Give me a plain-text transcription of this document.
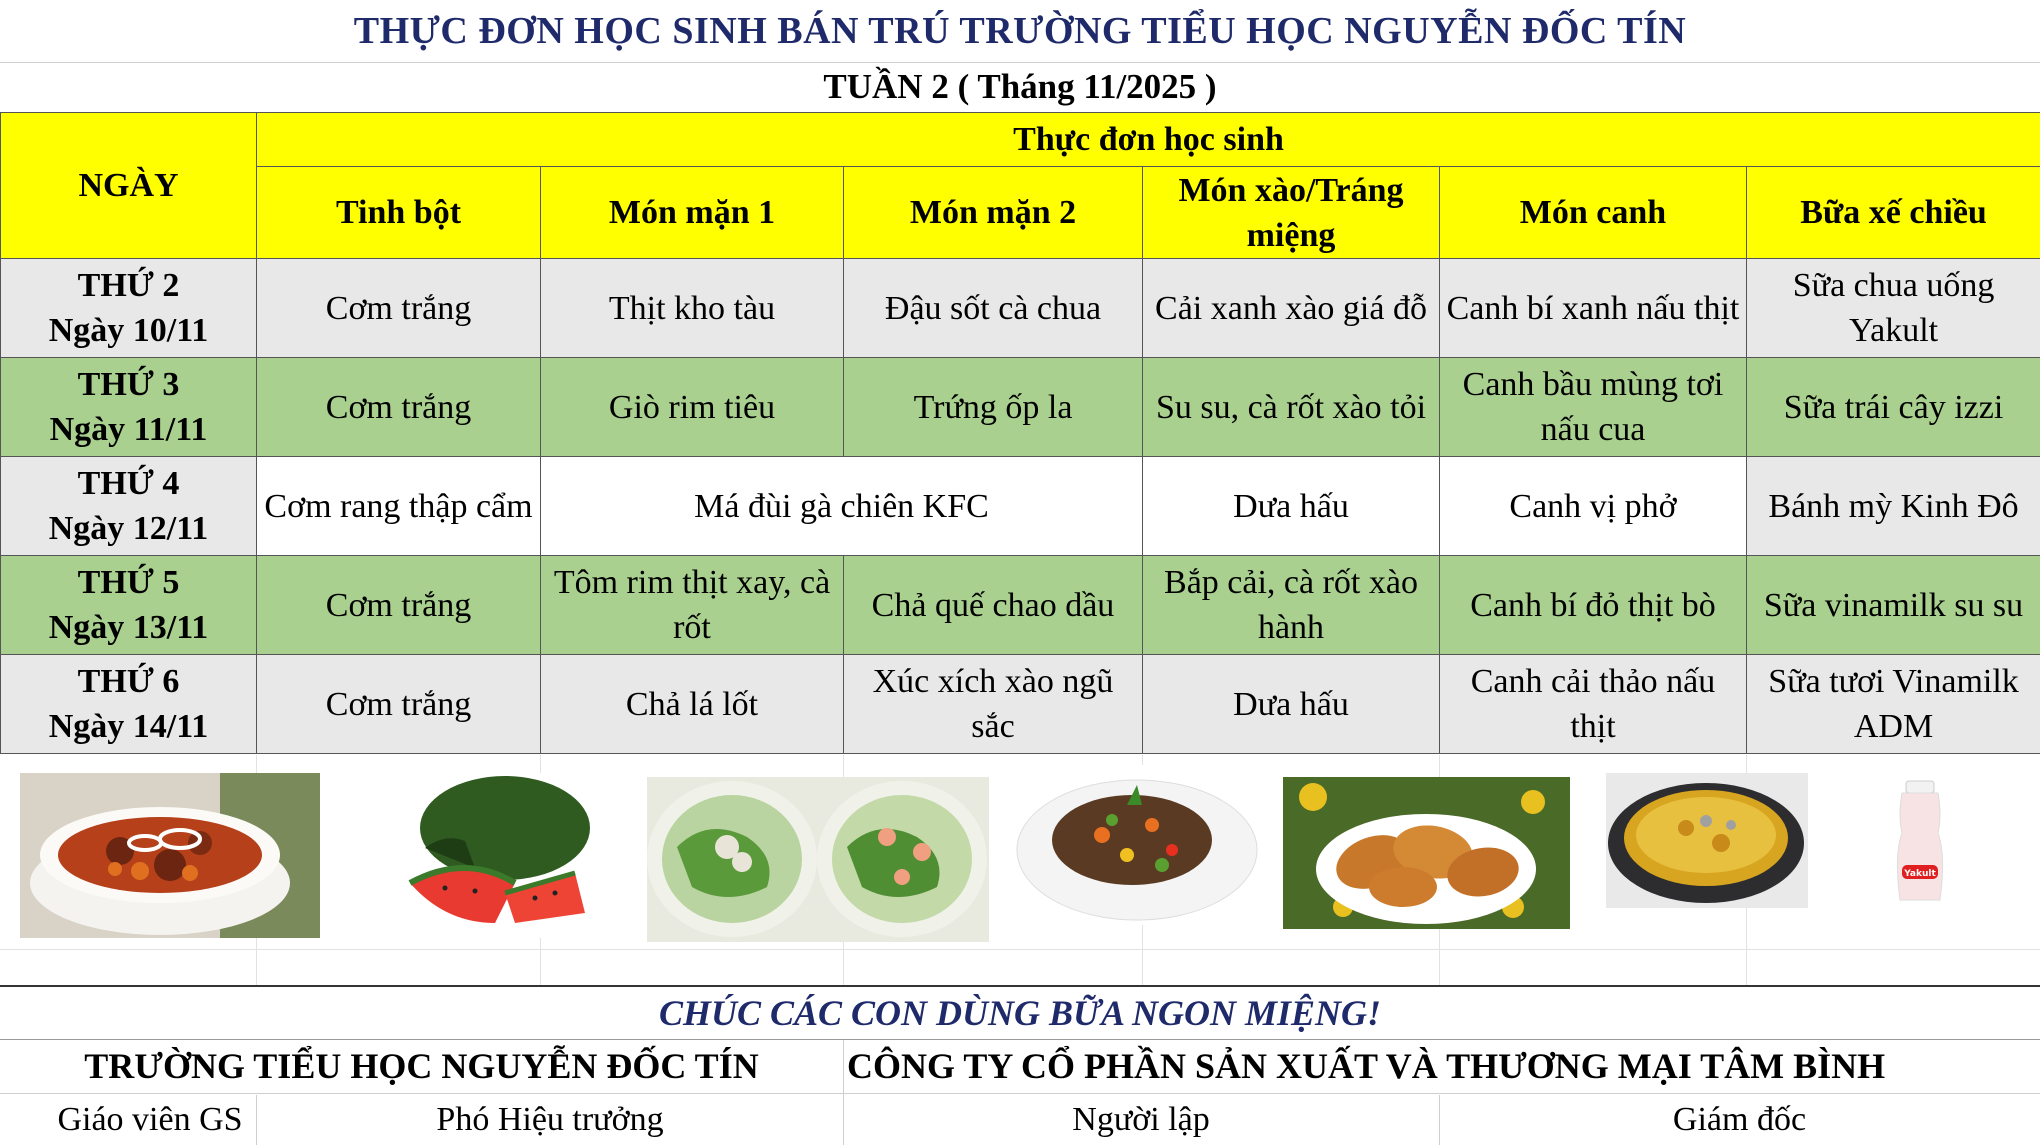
THỰC ĐƠN HỌC SINH BÁN TRÚ TRƯỜNG TIỂU HỌC NGUYỄN ĐỐC TÍN
TUẦN 2 ( Tháng 11/2025 )
NGÀY	Thực đơn học sinh					
	Tinh bột	Món mặn 1	Món mặn 2	Món xào/Tráng miệng	Món canh	Bữa xế chiều
THỨ 2
Ngày 10/11	Cơm trắng	Thịt kho tàu	Đậu sốt cà chua	Cải xanh xào giá đỗ	Canh bí xanh nấu thịt	Sữa chua uống Yakult
THỨ 3
Ngày 11/11	Cơm trắng	Giò rim tiêu	Trứng ốp la	Su su, cà rốt xào tỏi	Canh bầu mùng tơi nấu cua	Sữa trái cây izzi
THỨ 4
Ngày 12/11	Cơm rang thập cẩm	Má đùi gà chiên KFC		Dưa hấu	Canh vị phở	Bánh mỳ Kinh Đô
THỨ 5
Ngày 13/11	Cơm trắng	Tôm rim thịt xay, cà rốt	Chả quế chao dầu	Bắp cải, cà rốt xào hành	Canh bí đỏ thịt bò	Sữa vinamilk su su
THỨ 6
Ngày 14/11	Cơm trắng	Chả lá lốt	Xúc xích xào ngũ sắc	Dưa hấu	Canh cải thảo nấu thịt	Sữa tươi Vinamilk ADM
Yakult
CHÚC CÁC CON DÙNG BỮA NGON MIỆNG!
TRƯỜNG TIỂU HỌC NGUYỄN ĐỐC TÍN	CÔNG TY CỔ PHẦN SẢN XUẤT VÀ THƯƠNG MẠI TÂM BÌNH
Giáo viên GS	Phó Hiệu trưởng	Người lập	Giám đốc
